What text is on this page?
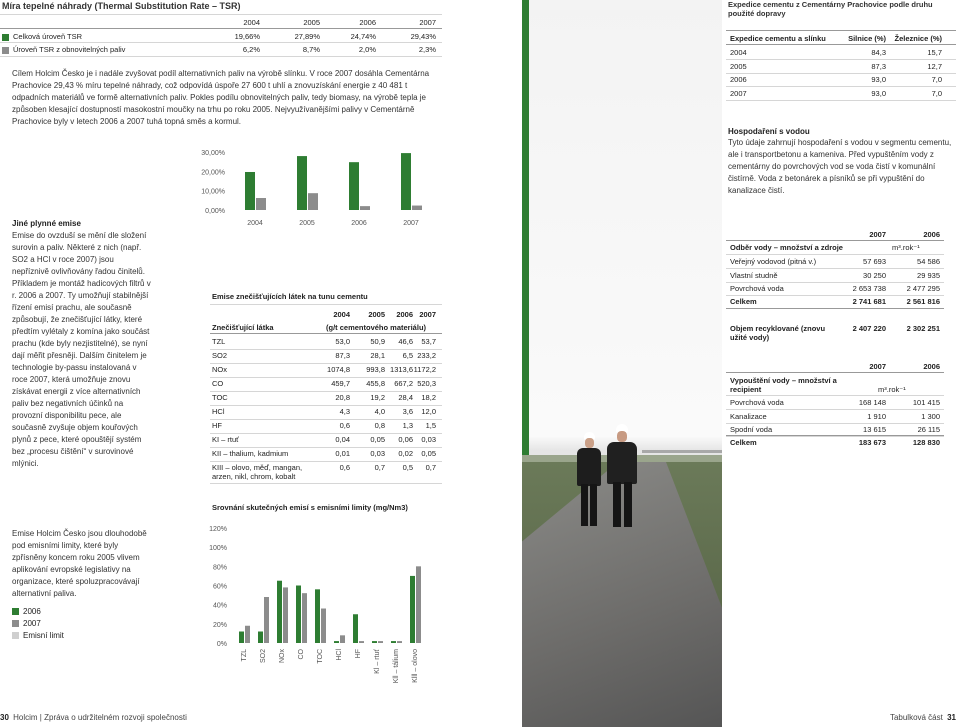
Míra tepelné náhrady (Thermal Substitution Rate – TSR)
2004	2005	2006	2007
Celková úroveň TSR	19,66%	27,89%	24,74%	29,43%
Úroveň TSR z obnovitelných paliv	6,2%	8,7%	2,0%	2,3%
Cílem Holcim Česko je i nadále zvyšovat podíl alternativních paliv na výrobě slínku. V roce 2007 dosáhla Cementárna Prachovice 29,43 % míru tepelné náhrady, což odpovídá úspoře 27 600 t uhlí a znovuzískání energie z 40 481 t odpadních materiálů ve formě alternativních paliv. Pokles podílu obnovitelných paliv, tedy biomasy, na výrobě tepla je způsoben klesající dostupností masokostní moučky na trhu po roku 2005. Nejvyužívanějšími palivy v Cementárně Prachovice byly v letech 2006 a 2007 tuhá topná směs a kormul.
30,00%
20,00%
10,00%
0,00%
2004	2005	2006	2007
Jiné plynné emise
Emise do ovzduší se mění dle složení surovin a paliv. Některé z nich (např. SO2 a HCl v roce 2007) jsou nepříznivě ovlivňovány řadou činitelů. Příkladem je montáž hadicových filtrů v r. 2006 a 2007. Ty umožňují stabilnější řízení emisí prachu, ale současně způsobují, že znečišťující látky, které předtím vylétaly z komína jako součást prachu (kde byly nezjistitelné), se nyní dají měřit přesněji. Dalším činitelem je technologie by-passu instalovaná v roce 2007, která umožňuje znovu získávat energii z více alternativních paliv bez negativních účinků na provozní disponibilitu pece, ale současně zvyšuje objem kouřových plynů z pece, které opouštějí systém bez „procesu čištění“ v surovinové mlýnici.
Emise Holcim Česko jsou dlouhodobě pod emisními limity, které byly zpřísněny koncem roku 2005 vlivem aplikování evropské legislativy na organizace, které spoluzpracovávají alternativní paliva.
2006
2007
Emisní limit
Emise znečišťujících látek na tunu cementu
2004	2005	2006 2007
Znečišťující látka	(g/t cementového materiálu)
TZL	53,0	50,9	46,6	53,7
SO2	87,3	28,1	6,5 233,2
NOx	1074,8	993,8 1313,6 1172,2
CO	459,7	455,8	667,2 520,3
TOC	20,8	19,2	28,4	18,2
HCl	4,3	4,0	3,6	12,0
HF	0,6	0,8	1,3	1,5
KI – rtuť	0,04	0,05	0,06	0,03
KII – thalium, kadmium	0,01	0,03	0,02	0,05
KIII – olovo, měď, mangan, arzen, nikl, chrom, kobalt
0,6	0,7	0,5	0,7
Srovnání skutečných emisí s emisními limity (mg/Nm3)
120%
100%
80%
60%
40%
20%
0%
TZL SO2 NOx CO TOC HCl HF Kl – rtuť Kll – tálium Klll – olovo
30 Holcim | Zpráva o udržitelném rozvoji společnosti
Expedice cementu z Cementárny Prachovice podle druhu použité dopravy
Expedice cementu a slínku	Silnice (%)	Železnice (%)
2004	84,3	15,7
2005	87,3	12,7
2006	93,0	7,0
2007	93,0	7,0
Hospodaření s vodou
Tyto údaje zahrnují hospodaření s vodou v segmentu cementu, ale i transportbetonu a kameniva. Před vypuštěním vody z cementárny do povrchových vod se voda čistí v komunální čistírně. Voda z betonárek a písníků se při vypuštění do kanalizace čistí.
2007	2006
Odběr vody – množství a zdroje	m³.rok⁻¹
Veřejný vodovod (pitná v.)	57 693	54 586
Vlastní studně	30 250	29 935
Povrchová voda	2 653 738	2 477 295
Celkem	2 741 681	2 561 816
Objem recyklované (znovu užité vody)
2 407 220	2 302 251
2007	2006
Vypouštění vody – množství a recipient	m³.rok⁻¹
Povrchová voda	168 148	101 415
Kanalizace	1 910	1 300
Spodní voda	13 615	26 115
Celkem	183 673	128 830
Tabulková část 31
